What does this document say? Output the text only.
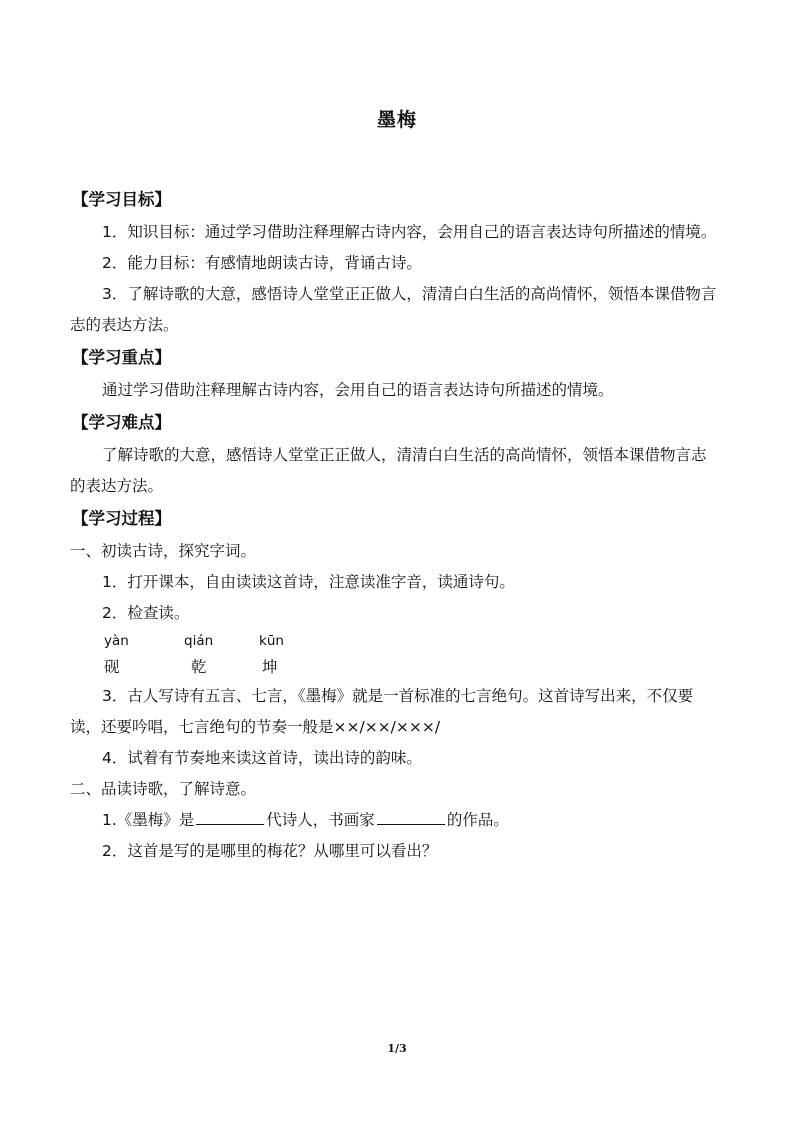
墨梅
【学习目标】

1．知识目标：通过学习借助注释理解古诗内容，会用自己的语言表达诗句所描述的情境。

2．能力目标：有感情地朗读古诗，背诵古诗。

3．了解诗歌的大意，感悟诗人堂堂正正做人，清清白白生活的高尚情怀，领悟本课借物言志的表达方法。

【学习重点】

通过学习借助注释理解古诗内容，会用自己的语言表达诗句所描述的情境。

【学习难点】

了解诗歌的大意，感悟诗人堂堂正正做人，清清白白生活的高尚情怀，领悟本课借物言志的表达方法。

【学习过程】

一、初读古诗，探究字词。

1．打开课本，自由读读这首诗，注意读准字音，读通诗句。

2．检查读。

yàn	qián	kūn
砚	乾	坤

3．古人写诗有五言、七言，《墨梅》就是一首标准的七言绝句。这首诗写出来，不仅要读，还要吟唱，七言绝句的节奏一般是××/××/×××/

4．试着有节奏地来读这首诗，读出诗的韵味。

二、品读诗歌，了解诗意。

1.《墨梅》是	代诗人，书画家	的作品。

2．这首是写的是哪里的梅花？从哪里可以看出？

1/3
